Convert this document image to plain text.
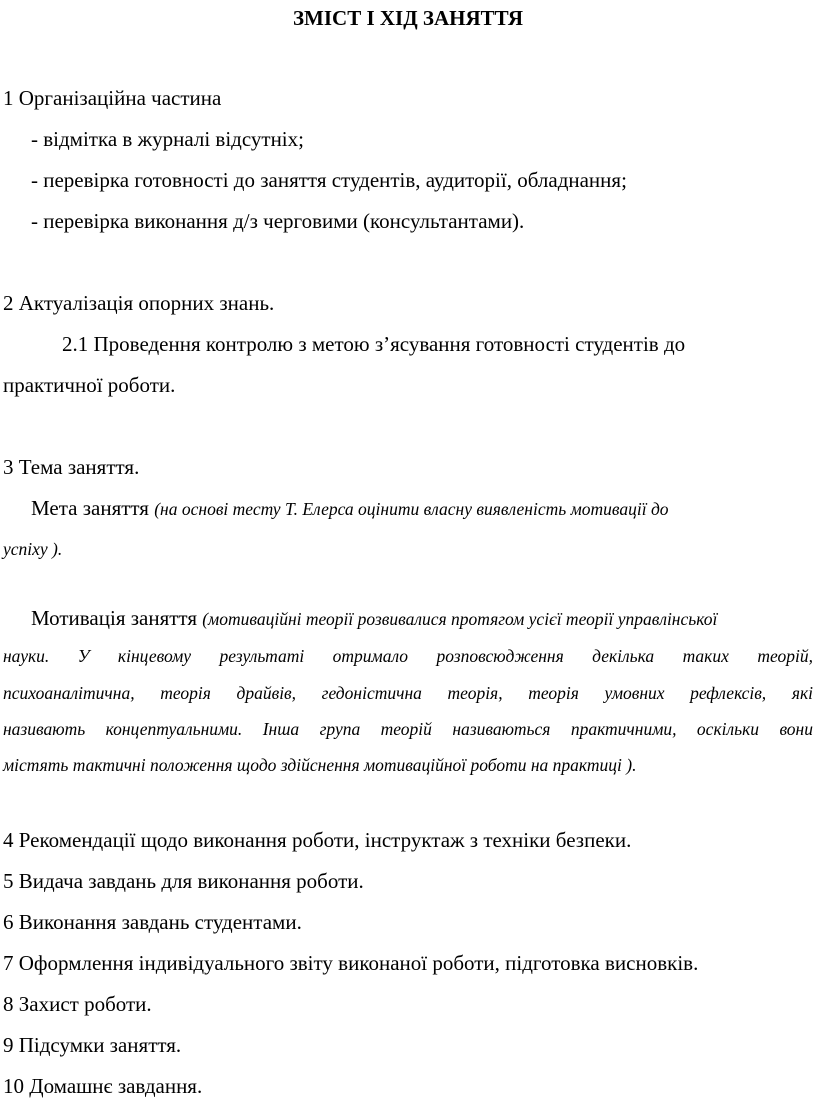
ЗМІСТ І ХІД ЗАНЯТТЯ
1 Організаційна частина
- відмітка в журналі відсутніх;
- перевірка готовності до заняття студентів, аудиторії, обладнання;
- перевірка виконання д/з черговими (консультантами).
2 Актуалізація опорних знань.
2.1 Проведення контролю з метою з’ясування готовності студентів до
практичної роботи.
3 Тема заняття.
Мета заняття (на основі тесту Т. Елерса оцінити власну виявленість мотивації до
успіху ).
Мотивація заняття (мотиваційні теорії розвивалися протягом усієї теорії управлінської
науки. У кінцевому результаті отримало розповсюдження декілька таких теорій,
психоаналітична, теорія драйвів, гедоністична теорія, теорія умовних рефлексів, які
називають концептуальними. Інша група теорій називаються практичними, оскільки вони
містять тактичні положення щодо здійснення мотиваційної роботи на практиці ).
4 Рекомендації щодо виконання роботи, інструктаж з техніки безпеки.
5 Видача завдань для виконання роботи.
6 Виконання завдань студентами.
7 Оформлення індивідуального звіту виконаної роботи, підготовка висновків.
8 Захист роботи.
9 Підсумки заняття.
10 Домашнє завдання.
